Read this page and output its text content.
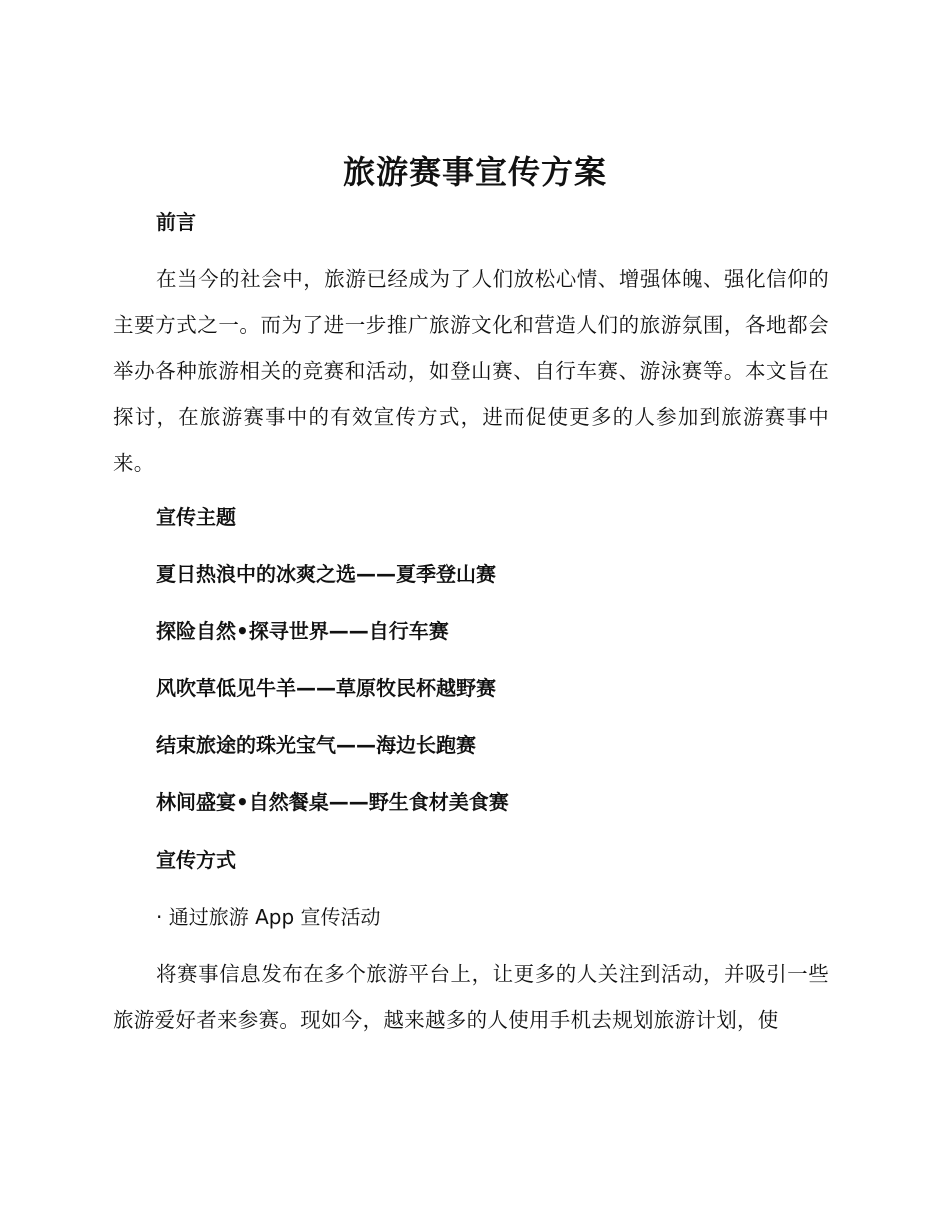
旅游赛事宣传方案
前言
在当今的社会中，旅游已经成为了人们放松心情、增强体魄、强化信仰的主要方式之一。而为了进一步推广旅游文化和营造人们的旅游氛围，各地都会举办各种旅游相关的竞赛和活动，如登山赛、自行车赛、游泳赛等。本文旨在探讨，在旅游赛事中的有效宣传方式，进而促使更多的人参加到旅游赛事中来。
宣传主题
夏日热浪中的冰爽之选——夏季登山赛
探险自然•探寻世界——自行车赛
风吹草低见牛羊——草原牧民杯越野赛
结束旅途的珠光宝气——海边长跑赛
林间盛宴•自然餐桌——野生食材美食赛
宣传方式
· 通过旅游 App 宣传活动
将赛事信息发布在多个旅游平台上，让更多的人关注到活动，并吸引一些旅游爱好者来参赛。现如今，越来越多的人使用手机去规划旅游计划，使
